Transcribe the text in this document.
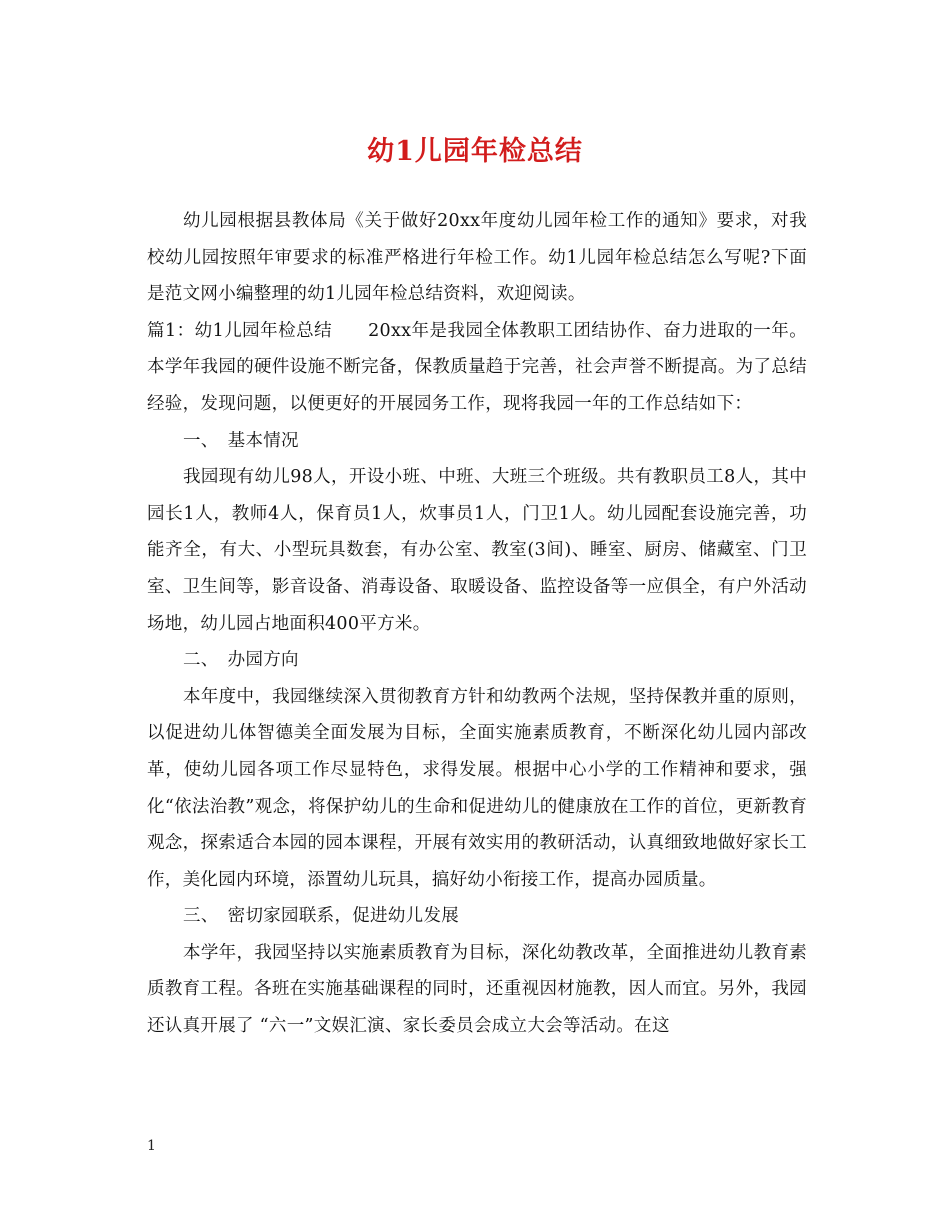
幼1儿园年检总结

幼儿园根据县教体局《关于做好20xx年度幼儿园年检工作的通知》要求，对我校幼儿园按照年审要求的标准严格进行年检工作。幼1儿园年检总结怎么写呢?下面是范文网小编整理的幼1儿园年检总结资料，欢迎阅读。

篇1：幼1儿园年检总结　　20xx年是我园全体教职工团结协作、奋力进取的一年。本学年我园的硬件设施不断完备，保教质量趋于完善，社会声誉不断提高。为了总结经验，发现问题，以便更好的开展园务工作，现将我园一年的工作总结如下：

一、　基本情况

我园现有幼儿98人，开设小班、中班、大班三个班级。共有教职员工8人，其中园长1人，教师4人，保育员1人，炊事员1人，门卫1人。幼儿园配套设施完善，功能齐全，有大、小型玩具数套，有办公室、教室(3间)、睡室、厨房、储藏室、门卫室、卫生间等，影音设备、消毒设备、取暖设备、监控设备等一应俱全，有户外活动场地，幼儿园占地面积400平方米。

二、　办园方向

本年度中，我园继续深入贯彻教育方针和幼教两个法规，坚持保教并重的原则，以促进幼儿体智德美全面发展为目标，全面实施素质教育，不断深化幼儿园内部改革，使幼儿园各项工作尽显特色，求得发展。根据中心小学的工作精神和要求，强化“依法治教”观念，将保护幼儿的生命和促进幼儿的健康放在工作的首位，更新教育观念，探索适合本园的园本课程，开展有效实用的教研活动，认真细致地做好家长工作，美化园内环境，添置幼儿玩具，搞好幼小衔接工作，提高办园质量。

三、　密切家园联系，促进幼儿发展

本学年，我园坚持以实施素质教育为目标，深化幼教改革，全面推进幼儿教育素质教育工程。各班在实施基础课程的同时，还重视因材施教，因人而宜。另外，我园还认真开展了 “六一”文娱汇演、家长委员会成立大会等活动。在这

1
